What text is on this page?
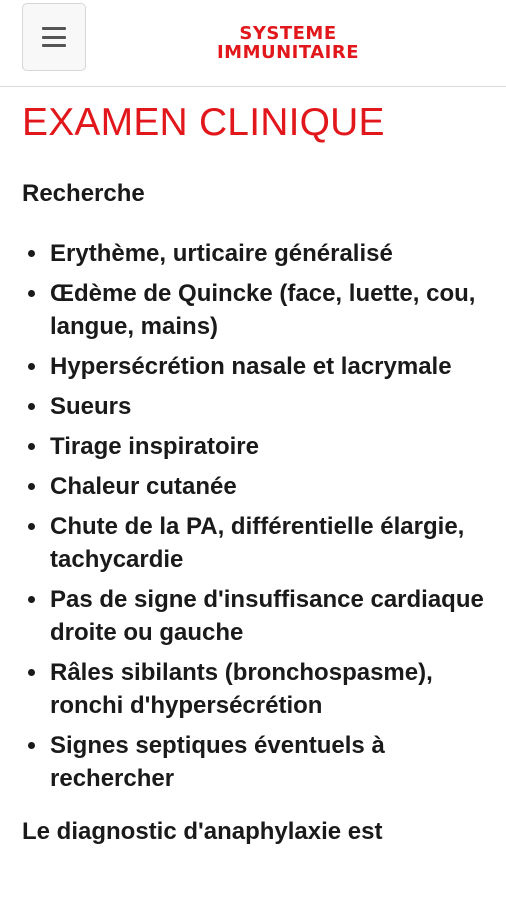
SYSTEME
IMMUNITAIRE
EXAMEN CLINIQUE

Recherche

Erythème, urticaire généralisé
Œdème de Quincke (face, luette, cou, langue, mains)
Hypersécrétion nasale et lacrymale
Sueurs
Tirage inspiratoire
Chaleur cutanée
Chute de la PA, différentielle élargie, tachycardie
Pas de signe d'insuffisance cardiaque droite ou gauche
Râles sibilants (bronchospasme), ronchi d'hypersécrétion
Signes septiques éventuels à rechercher

Le diagnostic d'anaphylaxie est
